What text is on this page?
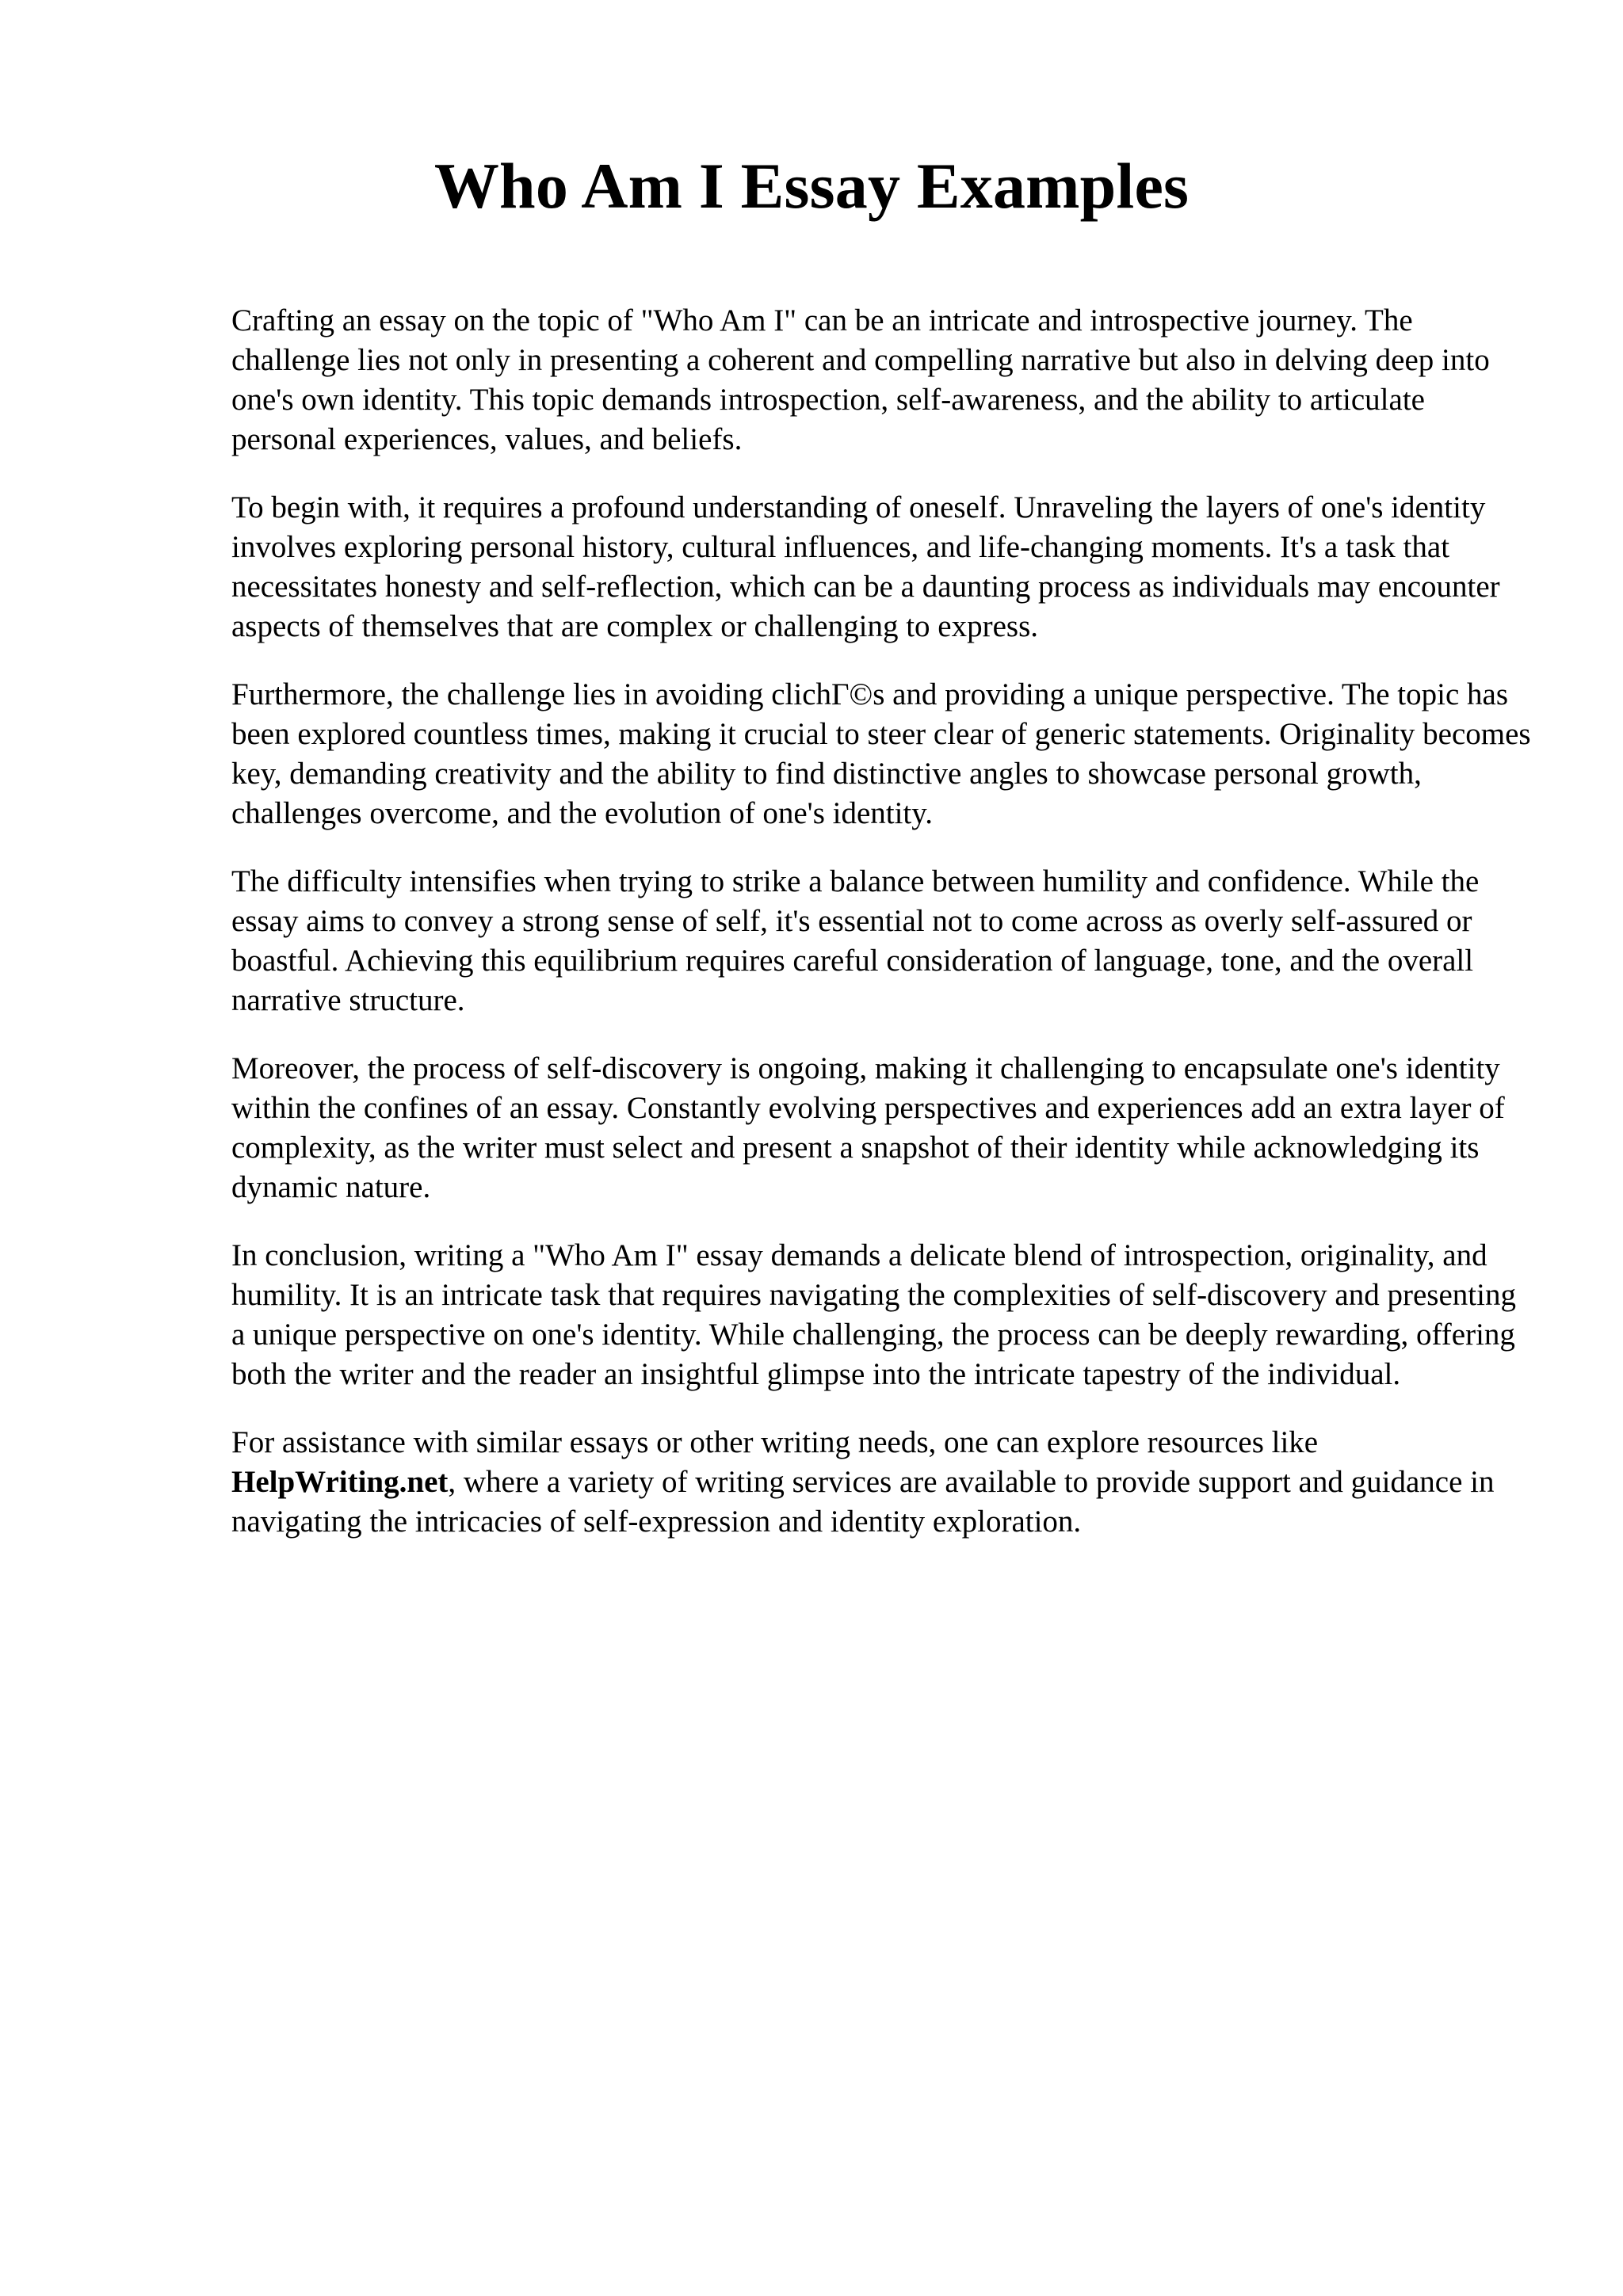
Who Am I Essay Examples

Crafting an essay on the topic of "Who Am I" can be an intricate and introspective journey. The challenge lies not only in presenting a coherent and compelling narrative but also in delving deep into one's own identity. This topic demands introspection, self-awareness, and the ability to articulate personal experiences, values, and beliefs.

To begin with, it requires a profound understanding of oneself. Unraveling the layers of one's identity involves exploring personal history, cultural influences, and life-changing moments. It's a task that necessitates honesty and self-reflection, which can be a daunting process as individuals may encounter aspects of themselves that are complex or challenging to express.

Furthermore, the challenge lies in avoiding clichГ©s and providing a unique perspective. The topic has been explored countless times, making it crucial to steer clear of generic statements. Originality becomes key, demanding creativity and the ability to find distinctive angles to showcase personal growth, challenges overcome, and the evolution of one's identity.

The difficulty intensifies when trying to strike a balance between humility and confidence. While the essay aims to convey a strong sense of self, it's essential not to come across as overly self-assured or boastful. Achieving this equilibrium requires careful consideration of language, tone, and the overall narrative structure.

Moreover, the process of self-discovery is ongoing, making it challenging to encapsulate one's identity within the confines of an essay. Constantly evolving perspectives and experiences add an extra layer of complexity, as the writer must select and present a snapshot of their identity while acknowledging its dynamic nature.

In conclusion, writing a "Who Am I" essay demands a delicate blend of introspection, originality, and humility. It is an intricate task that requires navigating the complexities of self-discovery and presenting a unique perspective on one's identity. While challenging, the process can be deeply rewarding, offering both the writer and the reader an insightful glimpse into the intricate tapestry of the individual.

For assistance with similar essays or other writing needs, one can explore resources like HelpWriting.net, where a variety of writing services are available to provide support and guidance in navigating the intricacies of self-expression and identity exploration.
